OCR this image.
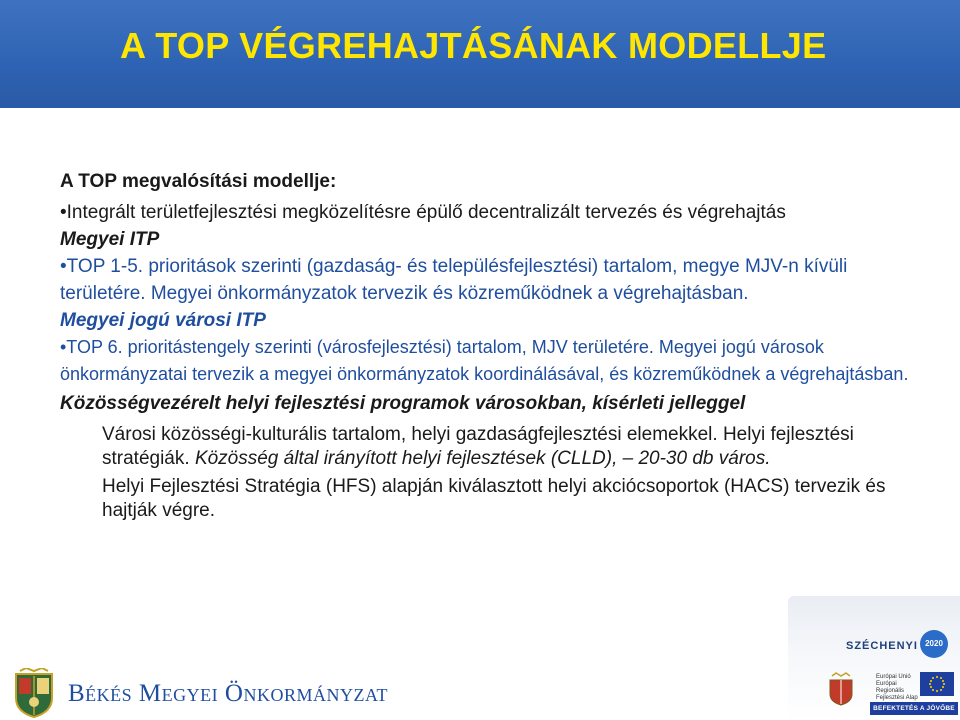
A TOP VÉGREHAJTÁSÁNAK MODELLJE

A TOP megvalósítási modellje:

•Integrált területfejlesztési megközelítésre épülő decentralizált tervezés és végrehajtás

Megyei ITP

•TOP 1-5. prioritások szerinti (gazdaság- és településfejlesztési) tartalom, megye MJV-n kívüli területére. Megyei önkormányzatok tervezik és közreműködnek a végrehajtásban.

Megyei jogú városi ITP

•TOP 6. prioritástengely szerinti (városfejlesztési) tartalom, MJV területére. Megyei jogú városok önkormányzatai tervezik a megyei önkormányzatok koordinálásával, és közreműködnek a végrehajtásban.

Közösségvezérelt helyi fejlesztési programok városokban, kísérleti jelleggel

Városi közösségi-kulturális tartalom, helyi gazdaságfejlesztési elemekkel. Helyi fejlesztési stratégiák. Közösség által irányított helyi fejlesztések (CLLD), – 20-30 db város.

Helyi Fejlesztési Stratégia (HFS) alapján kiválasztott helyi akciócsoportok (HACS) tervezik és hajtják végre.

Békés Megyei Önkormányzat
SZÉCHENYI 2020
Európai Unió Európai Regionális Fejlesztési Alap
BEFEKTETÉS A JÖVŐBE
